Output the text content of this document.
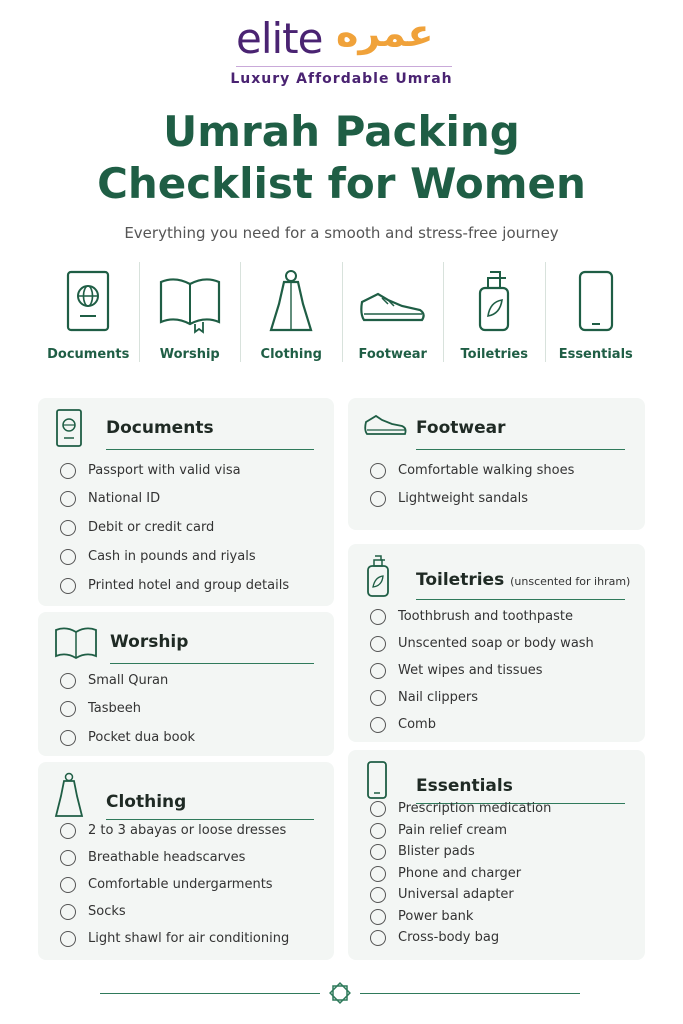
elite عمره
Luxury Affordable Umrah
Umrah Packing
Checklist for Women
Everything you need for a smooth and stress-free journey
Documents	Worship	Clothing	Footwear	Toiletries	Essentials
Documents
Passport with valid visa
National ID
Debit or credit card
Cash in pounds and riyals
Printed hotel and group details
Worship
Small Quran
Tasbeeh
Pocket dua book
Clothing
2 to 3 abayas or loose dresses
Breathable headscarves
Comfortable undergarments
Socks
Light shawl for air conditioning
Footwear
Comfortable walking shoes
Lightweight sandals
Toiletries (unscented for ihram)
Toothbrush and toothpaste
Unscented soap or body wash
Wet wipes and tissues
Nail clippers
Comb
Essentials
Prescription medication
Pain relief cream
Blister pads
Phone and charger
Universal adapter
Power bank
Cross-body bag
